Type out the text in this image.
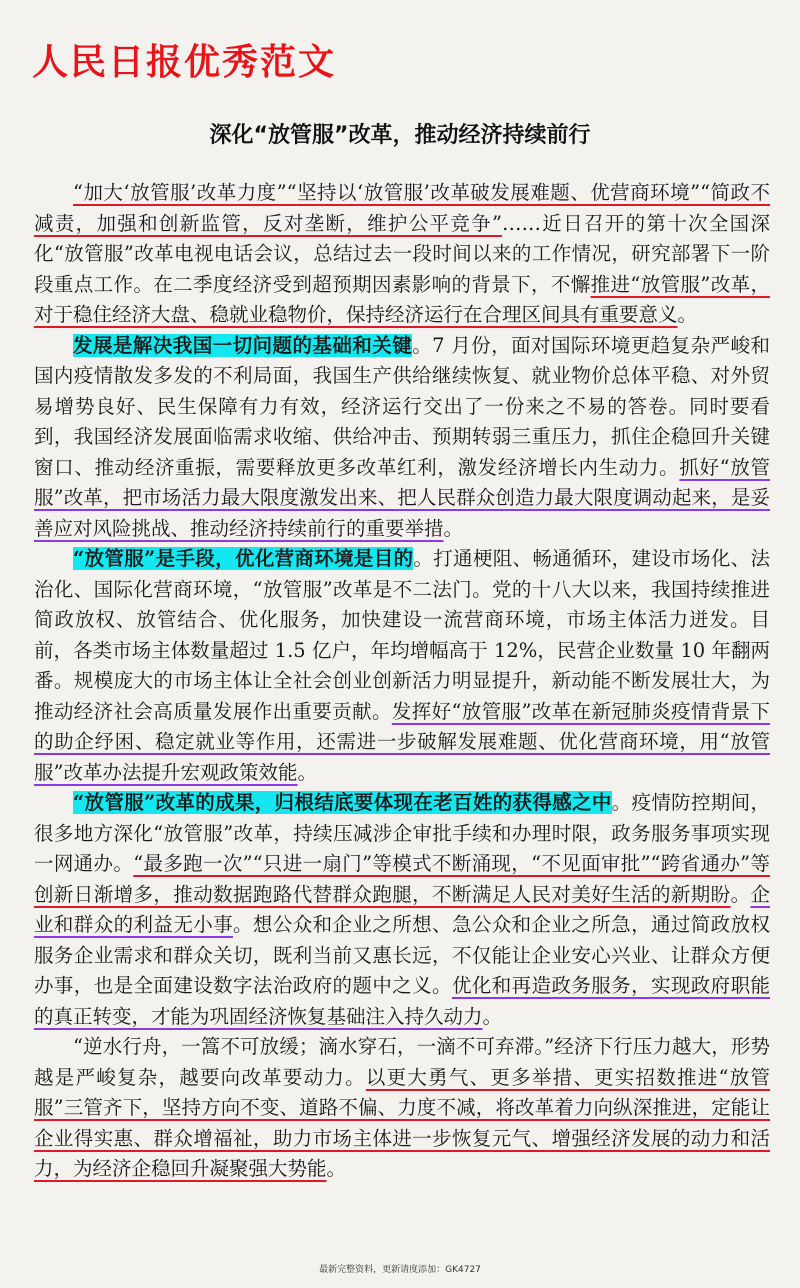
人民日报优秀范文
深化“放管服”改革，推动经济持续前行

“加大‘放管服’改革力度”“坚持以‘放管服’改革破发展难题、优营商环境”“简政不减责，加强和创新监管，反对垄断，维护公平竞争”……近日召开的第十次全国深化“放管服”改革电视电话会议，总结过去一段时间以来的工作情况，研究部署下一阶段重点工作。在二季度经济受到超预期因素影响的背景下，不懈推进“放管服”改革，对于稳住经济大盘、稳就业稳物价，保持经济运行在合理区间具有重要意义。

发展是解决我国一切问题的基础和关键。7 月份，面对国际环境更趋复杂严峻和国内疫情散发多发的不利局面，我国生产供给继续恢复、就业物价总体平稳、对外贸易增势良好、民生保障有力有效，经济运行交出了一份来之不易的答卷。同时要看到，我国经济发展面临需求收缩、供给冲击、预期转弱三重压力，抓住企稳回升关键窗口、推动经济重振，需要释放更多改革红利，激发经济增长内生动力。抓好“放管服”改革，把市场活力最大限度激发出来、把人民群众创造力最大限度调动起来，是妥善应对风险挑战、推动经济持续前行的重要举措。

“放管服”是手段，优化营商环境是目的。打通梗阻、畅通循环，建设市场化、法治化、国际化营商环境，“放管服”改革是不二法门。党的十八大以来，我国持续推进简政放权、放管结合、优化服务，加快建设一流营商环境，市场主体活力迸发。目前，各类市场主体数量超过 1.5 亿户，年均增幅高于 12%，民营企业数量 10 年翻两番。规模庞大的市场主体让全社会创业创新活力明显提升，新动能不断发展壮大，为推动经济社会高质量发展作出重要贡献。发挥好“放管服”改革在新冠肺炎疫情背景下的助企纾困、稳定就业等作用，还需进一步破解发展难题、优化营商环境，用“放管服”改革办法提升宏观政策效能。

“放管服”改革的成果，归根结底要体现在老百姓的获得感之中。疫情防控期间，很多地方深化“放管服”改革，持续压减涉企审批手续和办理时限，政务服务事项实现一网通办。“最多跑一次”“只进一扇门”等模式不断涌现，“不见面审批”“跨省通办”等创新日渐增多，推动数据跑路代替群众跑腿，不断满足人民对美好生活的新期盼。企业和群众的利益无小事。想公众和企业之所想、急公众和企业之所急，通过简政放权服务企业需求和群众关切，既利当前又惠长远，不仅能让企业安心兴业、让群众方便办事，也是全面建设数字法治政府的题中之义。优化和再造政务服务，实现政府职能的真正转变，才能为巩固经济恢复基础注入持久动力。

“逆水行舟，一篙不可放缓；滴水穿石，一滴不可弃滞。”经济下行压力越大，形势越是严峻复杂，越要向改革要动力。以更大勇气、更多举措、更实招数推进“放管服”三管齐下，坚持方向不变、道路不偏、力度不减，将改革着力向纵深推进，定能让企业得实惠、群众增福祉，助力市场主体进一步恢复元气、增强经济发展的动力和活力，为经济企稳回升凝聚强大势能。

最新完整资料，更新请度添加：GK4727
